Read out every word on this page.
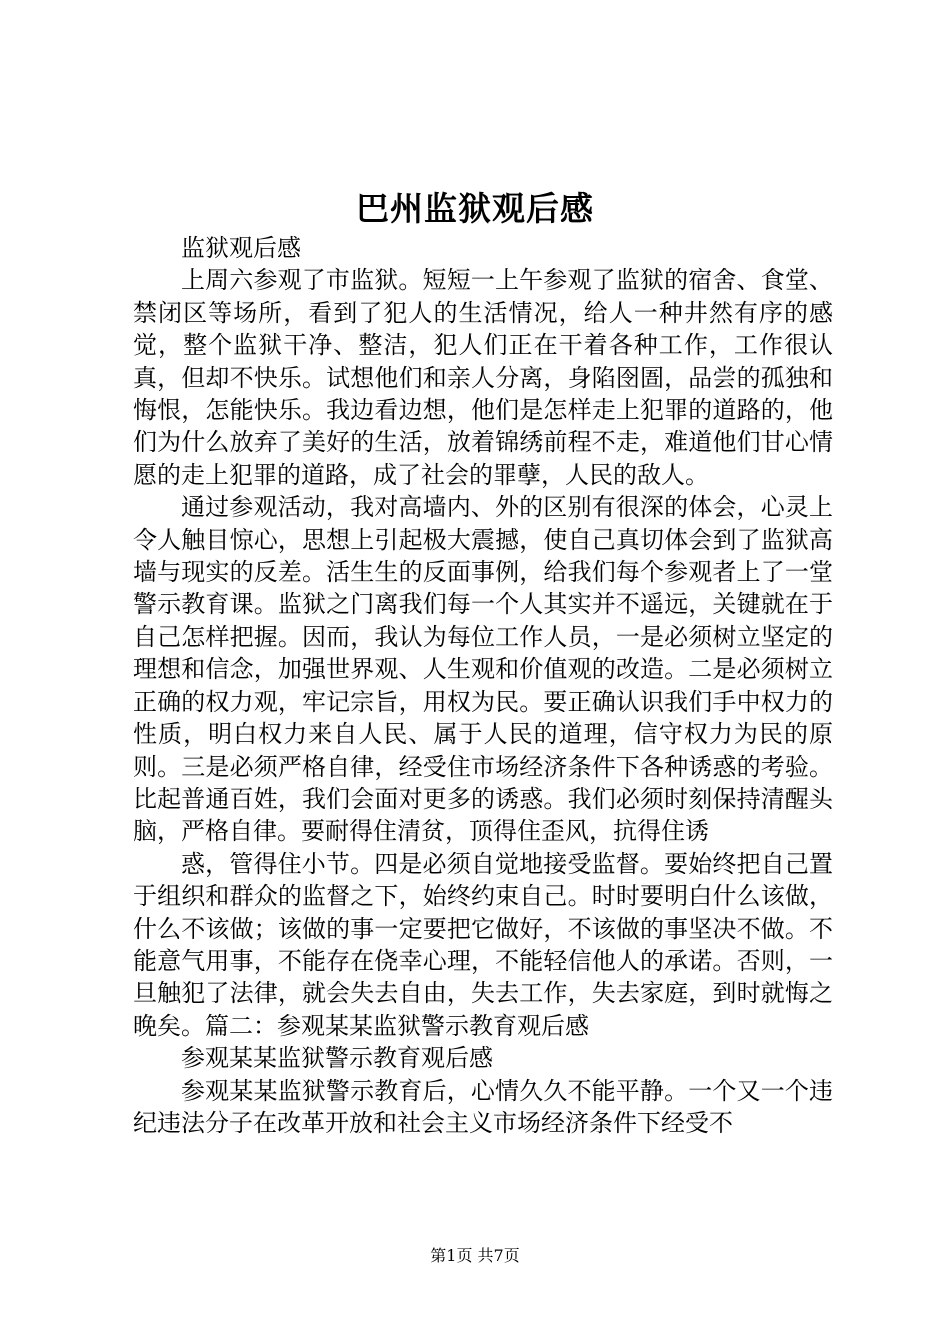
巴州监狱观后感

监狱观后感

上周六参观了市监狱。短短一上午参观了监狱的宿舍、食堂、禁闭区等场所，看到了犯人的生活情况，给人一种井然有序的感觉，整个监狱干净、整洁，犯人们正在干着各种工作，工作很认真，但却不快乐。试想他们和亲人分离，身陷囹圄，品尝的孤独和悔恨，怎能快乐。我边看边想，他们是怎样走上犯罪的道路的，他们为什么放弃了美好的生活，放着锦绣前程不走，难道他们甘心情愿的走上犯罪的道路，成了社会的罪孽，人民的敌人。

通过参观活动，我对高墙内、外的区别有很深的体会，心灵上令人触目惊心，思想上引起极大震撼，使自己真切体会到了监狱高墙与现实的反差。活生生的反面事例，给我们每个参观者上了一堂警示教育课。监狱之门离我们每一个人其实并不遥远，关键就在于自己怎样把握。因而，我认为每位工作人员，一是必须树立坚定的理想和信念，加强世界观、人生观和价值观的改造。二是必须树立正确的权力观，牢记宗旨，用权为民。要正确认识我们手中权力的性质，明白权力来自人民、属于人民的道理，信守权力为民的原则。三是必须严格自律，经受住市场经济条件下各种诱惑的考验。比起普通百姓，我们会面对更多的诱惑。我们必须时刻保持清醒头脑，严格自律。要耐得住清贫，顶得住歪风，抗得住诱

惑，管得住小节。四是必须自觉地接受监督。要始终把自己置于组织和群众的监督之下，始终约束自己。时时要明白什么该做，什么不该做；该做的事一定要把它做好，不该做的事坚决不做。不能意气用事，不能存在侥幸心理，不能轻信他人的承诺。否则，一旦触犯了法律，就会失去自由，失去工作，失去家庭，到时就悔之晚矣。篇二：参观某某监狱警示教育观后感

参观某某监狱警示教育观后感

参观某某监狱警示教育后，心情久久不能平静。一个又一个违纪违法分子在改革开放和社会主义市场经济条件下经受不

第1页 共7页
